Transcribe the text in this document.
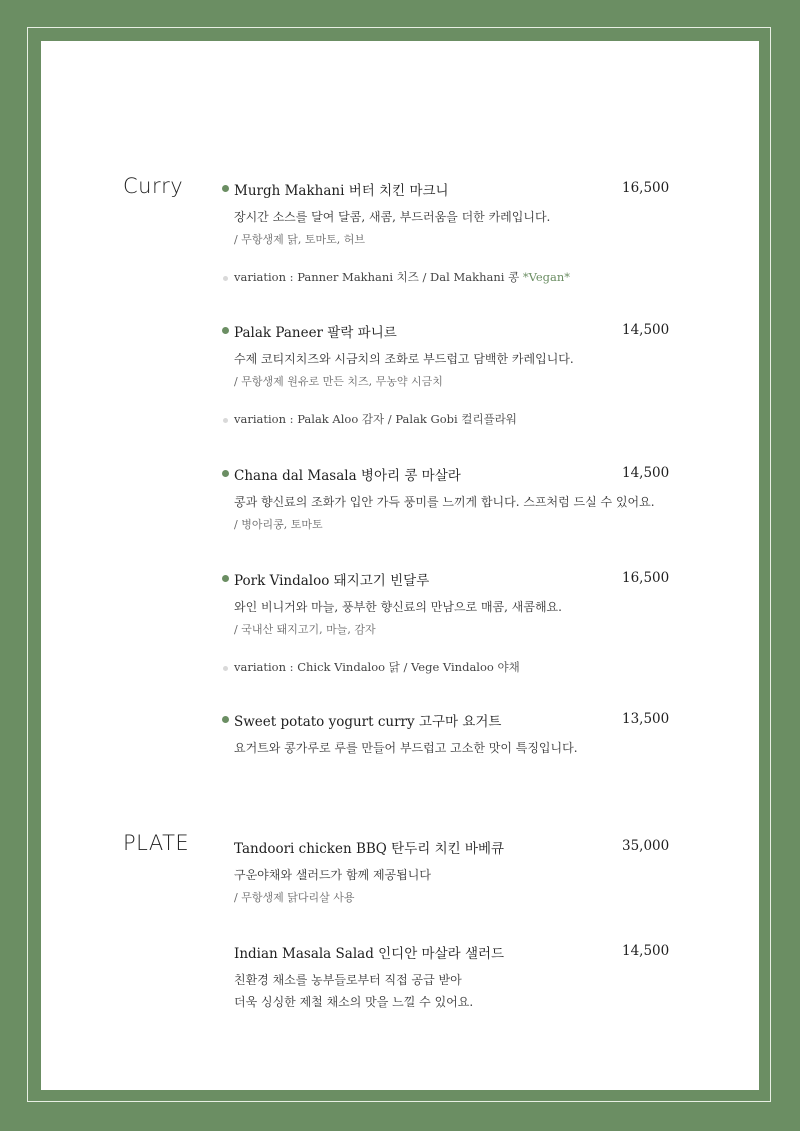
Curry	Murgh Makhani 버터 치킨 마크니	16,500
장시간 소스를 달여 달콤, 새콤, 부드러움을 더한 카레입니다.
/ 무항생제 닭, 토마토, 허브
variation : Panner Makhani 치즈 / Dal Makhani 콩 *Vegan*
Palak Paneer 팔락 파니르	14,500
수제 코티지치즈와 시금치의 조화로 부드럽고 담백한 카레입니다.
/ 무항생제 원유로 만든 치즈, 무농약 시금치
variation : Palak Aloo 감자 / Palak Gobi 컬리플라워
Chana dal Masala 병아리 콩 마살라	14,500
콩과 향신료의 조화가 입안 가득 풍미를 느끼게 합니다. 스프처럼 드실 수 있어요.
/ 병아리콩, 토마토
Pork Vindaloo 돼지고기 빈달루	16,500
와인 비니거와 마늘, 풍부한 향신료의 만남으로 매콤, 새콤해요.
/ 국내산 돼지고기, 마늘, 감자
variation : Chick Vindaloo 닭 / Vege Vindaloo 야채
Sweet potato yogurt curry 고구마 요거트	13,500
요거트와 콩가루로 루를 만들어 부드럽고 고소한 맛이 특징입니다.
PLATE	Tandoori chicken BBQ 탄두리 치킨 바베큐	35,000
구운야채와 샐러드가 함께 제공됩니다
/ 무항생제 닭다리살 사용
Indian Masala Salad 인디안 마살라 샐러드	14,500
친환경 채소를 농부들로부터 직접 공급 받아
더욱 싱싱한 제철 채소의 맛을 느낄 수 있어요.
